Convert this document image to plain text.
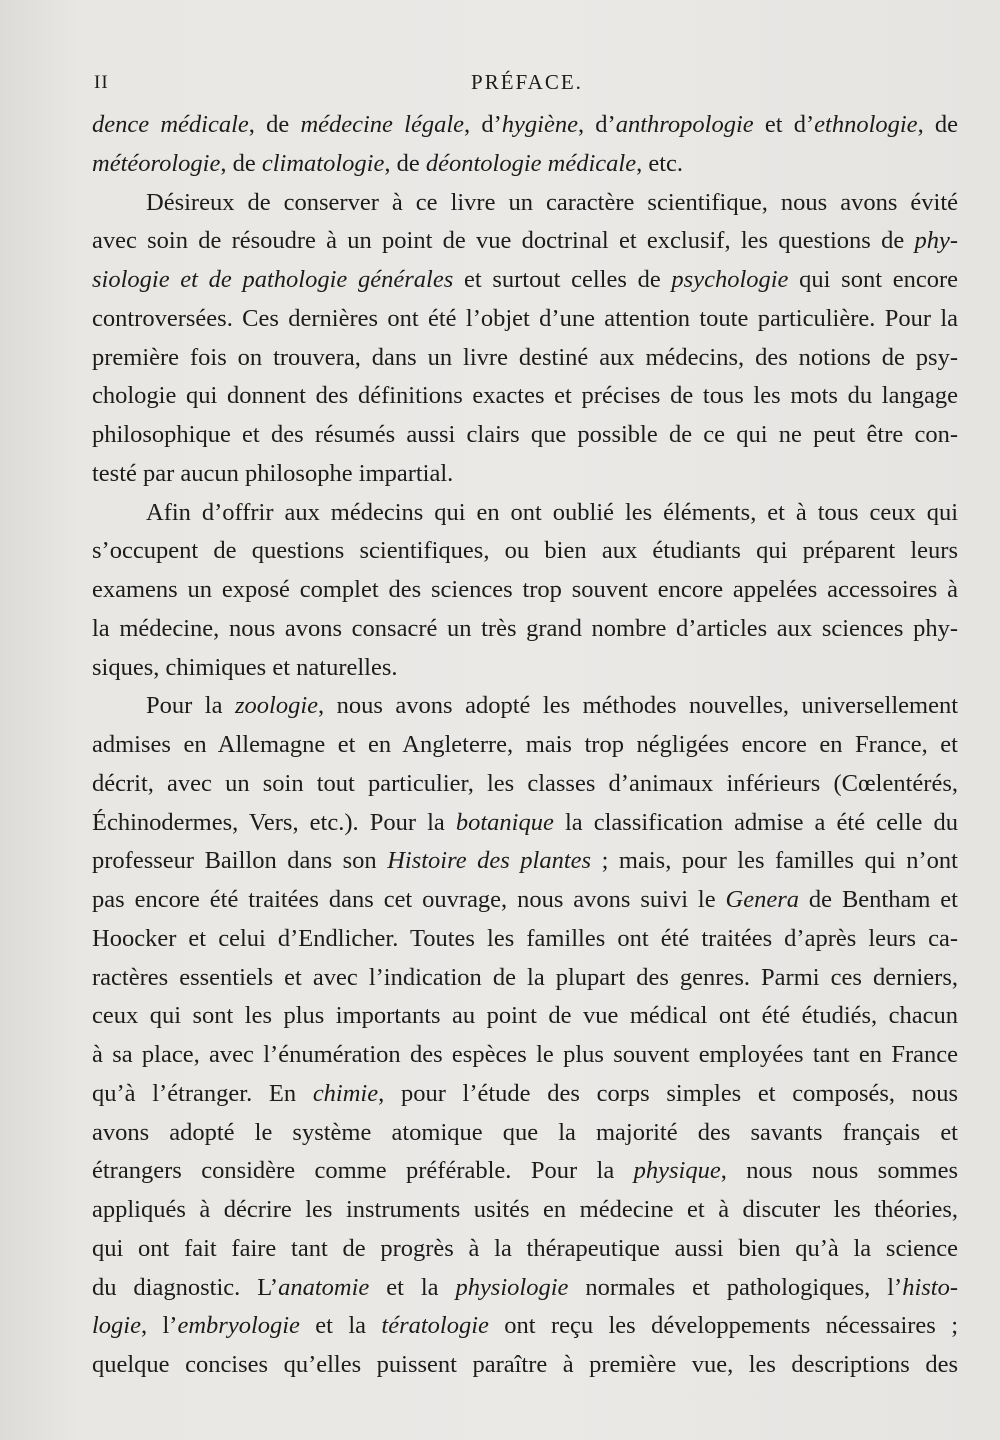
II	PRÉFACE.
dence médicale, de médecine légale, d’hygiène, d’anthropologie et d’ethnologie, de
météorologie, de climatologie, de déontologie médicale, etc.
Désireux de conserver à ce livre un caractère scientifique, nous avons évité
avec soin de résoudre à un point de vue doctrinal et exclusif, les questions de phy-
siologie et de pathologie générales et surtout celles de psychologie qui sont encore
controversées. Ces dernières ont été l’objet d’une attention toute particulière. Pour la
première fois on trouvera, dans un livre destiné aux médecins, des notions de psy-
chologie qui donnent des définitions exactes et précises de tous les mots du langage
philosophique et des résumés aussi clairs que possible de ce qui ne peut être con-
testé par aucun philosophe impartial.
Afin d’offrir aux médecins qui en ont oublié les éléments, et à tous ceux qui
s’occupent de questions scientifiques, ou bien aux étudiants qui préparent leurs
examens un exposé complet des sciences trop souvent encore appelées accessoires à
la médecine, nous avons consacré un très grand nombre d’articles aux sciences phy-
siques, chimiques et naturelles.
Pour la zoologie, nous avons adopté les méthodes nouvelles, universellement
admises en Allemagne et en Angleterre, mais trop négligées encore en France, et
décrit, avec un soin tout particulier, les classes d’animaux inférieurs (Cœlentérés,
Échinodermes, Vers, etc.). Pour la botanique la classification admise a été celle du
professeur Baillon dans son Histoire des plantes ; mais, pour les familles qui n’ont
pas encore été traitées dans cet ouvrage, nous avons suivi le Genera de Bentham et
Hoocker et celui d’Endlicher. Toutes les familles ont été traitées d’après leurs ca-
ractères essentiels et avec l’indication de la plupart des genres. Parmi ces derniers,
ceux qui sont les plus importants au point de vue médical ont été étudiés, chacun
à sa place, avec l’énumération des espèces le plus souvent employées tant en France
qu’à l’étranger. En chimie, pour l’étude des corps simples et composés, nous
avons adopté le système atomique que la majorité des savants français et
étrangers considère comme préférable. Pour la physique, nous nous sommes
appliqués à décrire les instruments usités en médecine et à discuter les théories,
qui ont fait faire tant de progrès à la thérapeutique aussi bien qu’à la science
du diagnostic. L’anatomie et la physiologie normales et pathologiques, l’histo-
logie, l’embryologie et la tératologie ont reçu les développements nécessaires ;
quelque concises qu’elles puissent paraître à première vue, les descriptions des
